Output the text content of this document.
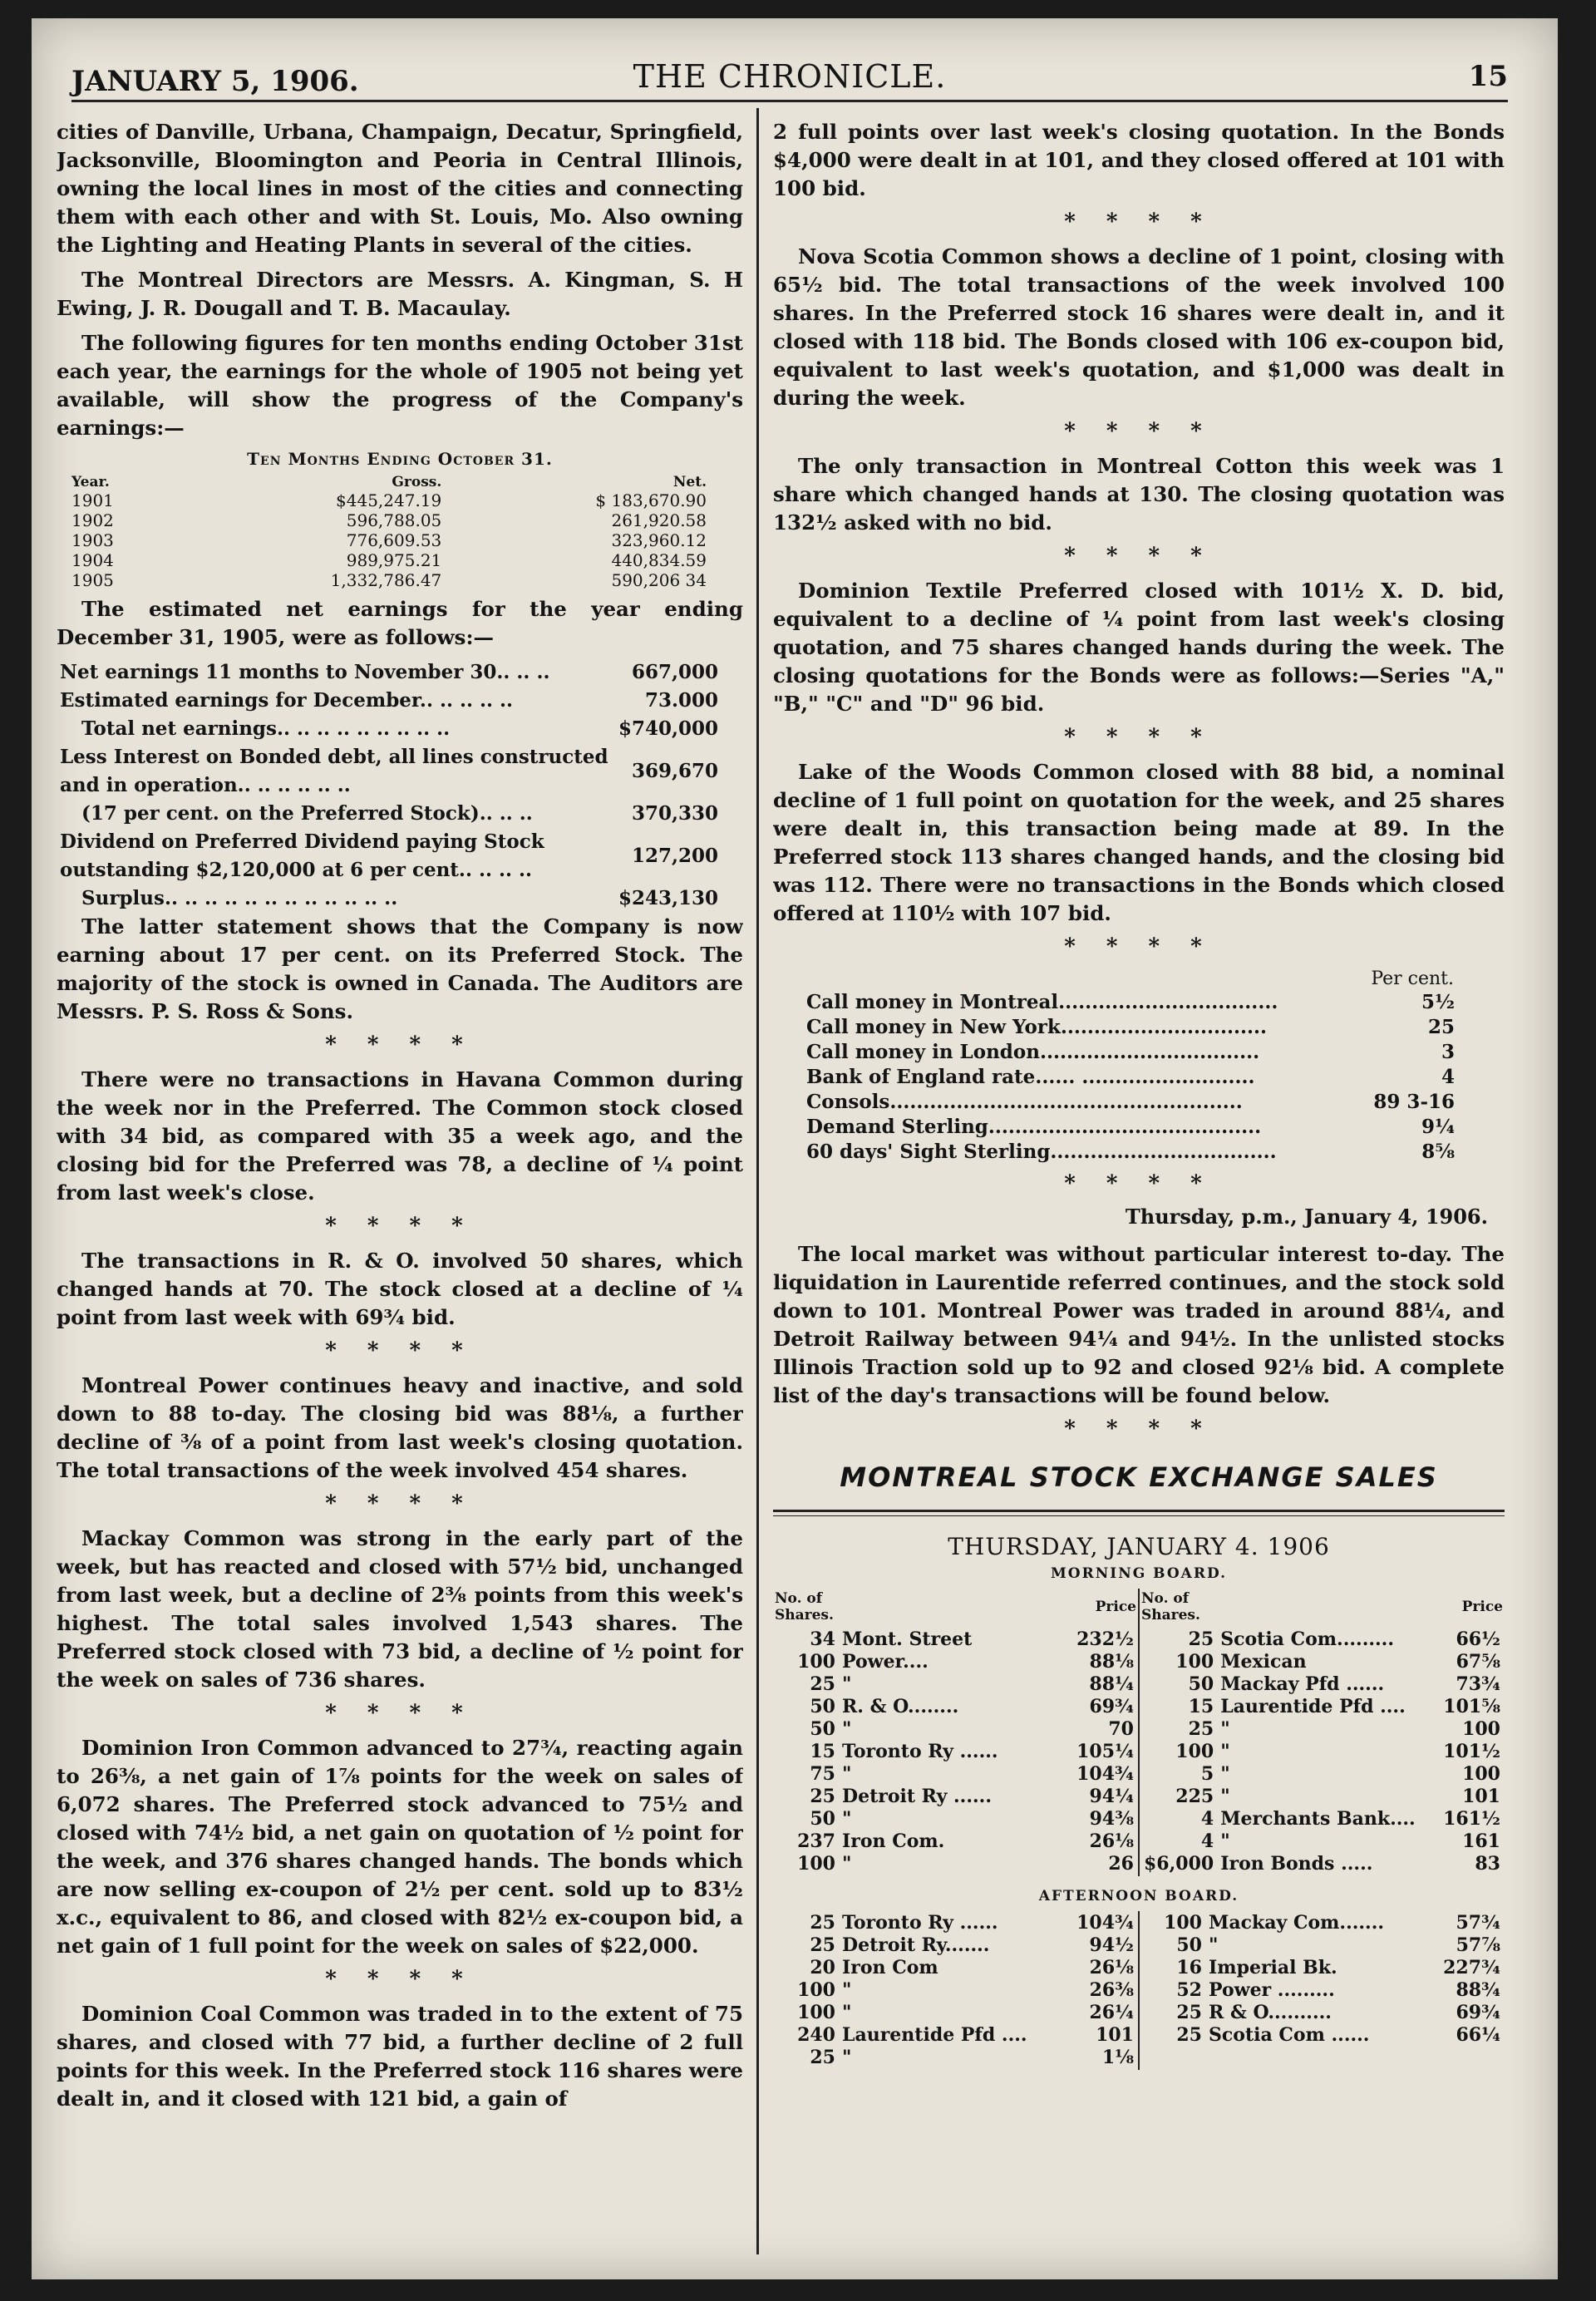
JANUARY 5, 1906.	THE CHRONICLE.	15

cities of Danville, Urbana, Champaign, Decatur, Springfield, Jacksonville, Bloomington and Peoria in Central Illinois, owning the local lines in most of the cities and connecting them with each other and with St. Louis, Mo. Also owning the Lighting and Heating Plants in several of the cities.

The Montreal Directors are Messrs. A. Kingman, S. H Ewing, J. R. Dougall and T. B. Macaulay.

The following figures for ten months ending October 31st each year, the earnings for the whole of 1905 not being yet available, will show the progress of the Company's earnings:—

Ten Months Ending October 31.
Year.	Gross.	Net.
1901	$445,247.19	$ 183,670.90
1902	596,788.05	261,920.58
1903	776,609.53	323,960.12
1904	989,975.21	440,834.59
1905	1,332,786.47	590,206 34

The estimated net earnings for the year ending December 31, 1905, were as follows:—

Net earnings 11 months to November 30.. .. ..	667,000
Estimated earnings for December.. .. .. .. ..	73.000

Total net earnings.. .. .. .. .. .. .. .. ..	$740,000
Less Interest on Bonded debt, all lines constructed and in operation.. .. .. .. .. ..	369,670
(17 per cent. on the Preferred Stock).. .. ..	370,330
Dividend on Preferred Dividend paying Stock outstanding $2,120,000 at 6 per cent.. .. .. ..	127,200
Surplus.. .. .. .. .. .. .. .. .. .. .. ..	$243,130

The latter statement shows that the Company is now earning about 17 per cent. on its Preferred Stock. The majority of the stock is owned in Canada. The Auditors are Messrs. P. S. Ross & Sons.

* * * *

There were no transactions in Havana Common during the week nor in the Preferred. The Common stock closed with 34 bid, as compared with 35 a week ago, and the closing bid for the Preferred was 78, a decline of ¼ point from last week's close.

* * * *

The transactions in R. & O. involved 50 shares, which changed hands at 70. The stock closed at a decline of ¼ point from last week with 69¾ bid.

* * * *

Montreal Power continues heavy and inactive, and sold down to 88 to-day. The closing bid was 88⅛, a further decline of ⅜ of a point from last week's closing quotation. The total transactions of the week involved 454 shares.

* * * *

Mackay Common was strong in the early part of the week, but has reacted and closed with 57½ bid, unchanged from last week, but a decline of 2⅜ points from this week's highest. The total sales involved 1,543 shares. The Preferred stock closed with 73 bid, a decline of ½ point for the week on sales of 736 shares.

* * * *

Dominion Iron Common advanced to 27¾, reacting again to 26⅜, a net gain of 1⅞ points for the week on sales of 6,072 shares. The Preferred stock advanced to 75½ and closed with 74½ bid, a net gain on quotation of ½ point for the week, and 376 shares changed hands. The bonds which are now selling ex-coupon of 2½ per cent. sold up to 83½ x.c., equivalent to 86, and closed with 82½ ex-coupon bid, a net gain of 1 full point for the week on sales of $22,000.

* * * *

Dominion Coal Common was traded in to the extent of 75 shares, and closed with 77 bid, a further decline of 2 full points for this week. In the Preferred stock 116 shares were dealt in, and it closed with 121 bid, a gain of

2 full points over last week's closing quotation. In the Bonds $4,000 were dealt in at 101, and they closed offered at 101 with 100 bid.

* * * *

Nova Scotia Common shows a decline of 1 point, closing with 65½ bid. The total transactions of the week involved 100 shares. In the Preferred stock 16 shares were dealt in, and it closed with 118 bid. The Bonds closed with 106 ex-coupon bid, equivalent to last week's quotation, and $1,000 was dealt in during the week.

* * * *

The only transaction in Montreal Cotton this week was 1 share which changed hands at 130. The closing quotation was 132½ asked with no bid.

* * * *

Dominion Textile Preferred closed with 101½ X. D. bid, equivalent to a decline of ¼ point from last week's closing quotation, and 75 shares changed hands during the week. The closing quotations for the Bonds were as follows:—Series "A," "B," "C" and "D" 96 bid.

* * * *

Lake of the Woods Common closed with 88 bid, a nominal decline of 1 full point on quotation for the week, and 25 shares were dealt in, this transaction being made at 89. In the Preferred stock 113 shares changed hands, and the closing bid was 112. There were no transactions in the Bonds which closed offered at 110½ with 107 bid.

* * * *
Per cent.	
Call money in Montreal.................................	5½
Call money in New York...............................	25
Call money in London.................................	3
Bank of England rate...... ..........................	4
Consols.....................................................	89 3-16
Demand Sterling.........................................	9¼
60 days' Sight Sterling..................................	8⅝
* * * *
Thursday, p.m., January 4, 1906.

The local market was without particular interest to-day. The liquidation in Laurentide referred continues, and the stock sold down to 101. Montreal Power was traded in around 88¼, and Detroit Railway between 94¼ and 94½. In the unlisted stocks Illinois Traction sold up to 92 and closed 92⅛ bid. A complete list of the day's transactions will be found below.

* * * *
MONTREAL STOCK EXCHANGE SALES
THURSDAY, JANUARY 4. 1906
MORNING BOARD.
No. of Shares.		Price
34	Mont. Street	232½
100	Power....	88⅛
25	"	88¼
50	R. & O........	69¾
50	"	70
15	Toronto Ry ......	105¼
75	"	104¾
25	Detroit Ry ......	94¼
50	"	94⅜
237	Iron Com.	26⅛
100	"	26

No. of Shares.		Price
25	Scotia Com.........	66½
100	Mexican	67⅝
50	Mackay Pfd ......	73¾
15	Laurentide Pfd ....	101⅝
25	"	100
100	"	101½
5	"	100
225	"	101
4	Merchants Bank....	161½
4	"	161
$6,000	Iron Bonds .....	83
AFTERNOON BOARD.
25	Toronto Ry ......	104¾
25	Detroit Ry.......	94½
20	Iron Com	26⅛
100	"	26⅜
100	"	26¼
240	Laurentide Pfd ....	101
25	"	1⅛

100	Mackay Com.......	57¾
50	"	57⅞
16	Imperial Bk.	227¾
52	Power .........	88¾
25	R & O..........	69¾
25	Scotia Com ......	66¼
